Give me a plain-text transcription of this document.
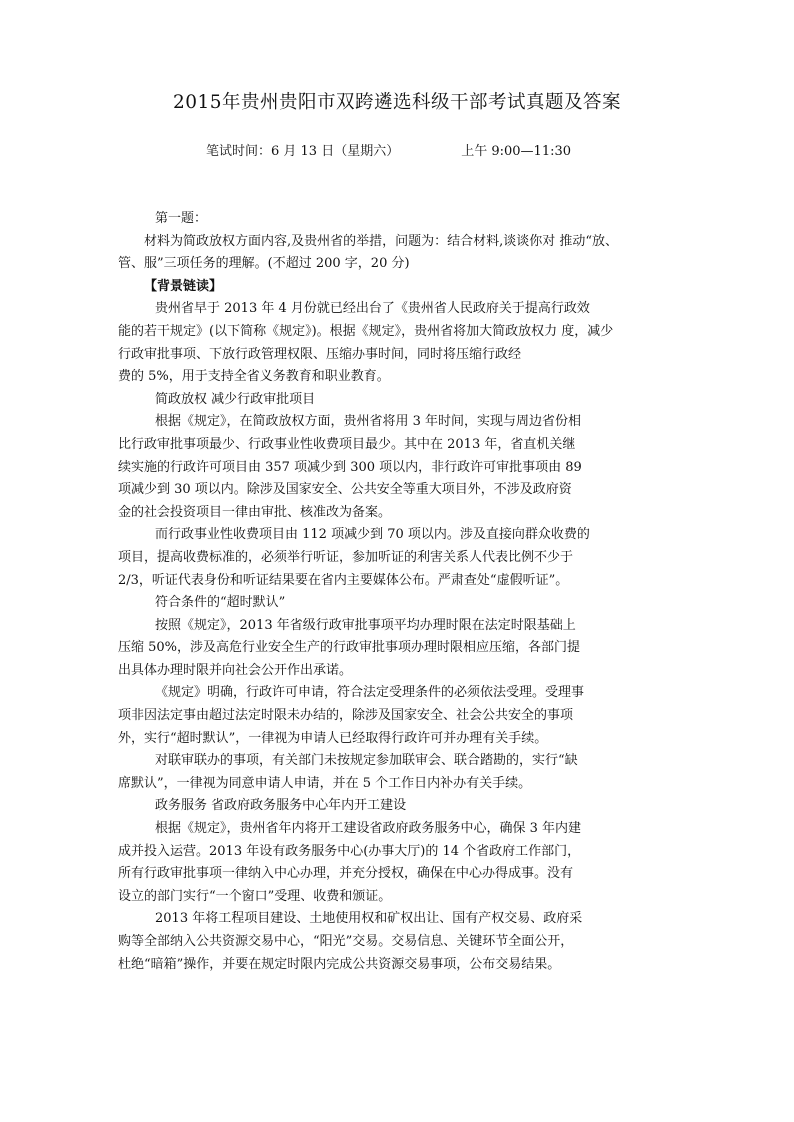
2015年贵州贵阳市双跨遴选科级干部考试真题及答案
笔试时间：6 月 13 日（星期六）	上午 9:00—11:30
第一题：
材料为简政放权方面内容,及贵州省的举措，问题为：结合材料,谈谈你对 推动“放、
管、服”三项任务的理解。(不超过 200 字，20 分)
【背景链读】
贵州省早于 2013 年 4 月份就已经出台了《贵州省人民政府关于提高行政效
能的若干规定》(以下简称《规定》)。根据《规定》，贵州省将加大简政放权力 度，减少
行政审批事项、下放行政管理权限、压缩办事时间，同时将压缩行政经
费的 5%，用于支持全省义务教育和职业教育。
简政放权 减少行政审批项目
根据《规定》，在简政放权方面，贵州省将用 3 年时间，实现与周边省份相
比行政审批事项最少、行政事业性收费项目最少。其中在 2013 年，省直机关继
续实施的行政许可项目由 357 项减少到 300 项以内，非行政许可审批事项由 89
项减少到 30 项以内。除涉及国家安全、公共安全等重大项目外，不涉及政府资
金的社会投资项目一律由审批、核准改为备案。
而行政事业性收费项目由 112 项减少到 70 项以内。涉及直接向群众收费的
项目，提高收费标准的，必须举行听证，参加听证的利害关系人代表比例不少于
2/3，听证代表身份和听证结果要在省内主要媒体公布。严肃查处“虚假听证”。
符合条件的“超时默认”
按照《规定》，2013 年省级行政审批事项平均办理时限在法定时限基础上
压缩 50%，涉及高危行业安全生产的行政审批事项办理时限相应压缩，各部门提
出具体办理时限并向社会公开作出承诺。
《规定》明确，行政许可申请，符合法定受理条件的必须依法受理。受理事
项非因法定事由超过法定时限未办结的，除涉及国家安全、社会公共安全的事项
外，实行“超时默认”，一律视为申请人已经取得行政许可并办理有关手续。
对联审联办的事项，有关部门未按规定参加联审会、联合踏勘的，实行“缺
席默认”，一律视为同意申请人申请，并在 5 个工作日内补办有关手续。
政务服务 省政府政务服务中心年内开工建设
根据《规定》，贵州省年内将开工建设省政府政务服务中心，确保 3 年内建
成并投入运营。2013 年设有政务服务中心(办事大厅)的 14 个省政府工作部门，
所有行政审批事项一律纳入中心办理，并充分授权，确保在中心办得成事。没有
设立的部门实行“一个窗口”受理、收费和颁证。
2013 年将工程项目建设、土地使用权和矿权出让、国有产权交易、政府采
购等全部纳入公共资源交易中心，“阳光”交易。交易信息、关键环节全面公开，
杜绝“暗箱”操作，并要在规定时限内完成公共资源交易事项，公布交易结果。
